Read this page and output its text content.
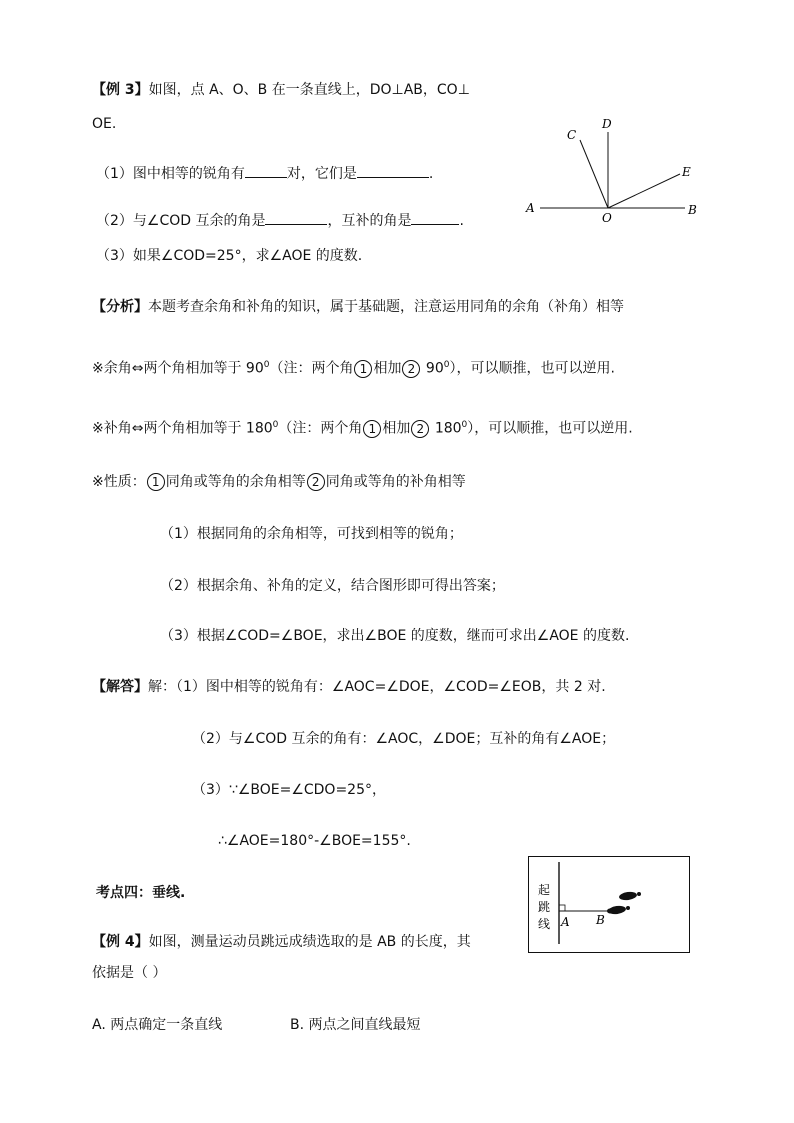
【例 3】如图，点 A、O、B 在一条直线上，DO⊥AB，CO⊥
OE.
（1）图中相等的锐角有	对，它们是	.
（2）与∠COD 互余的角是	，互补的角是	.
（3）如果∠COD=25°，求∠AOE 的度数.
C
D
E
A
O
B
【分析】本题考查余角和补角的知识，属于基础题，注意运用同角的余角（补角）相等
※余角⇔两个角相加等于 $90^0$（注：两个角 1 相加 2 $90^0$），可以顺推，也可以逆用.
※补角⇔两个角相加等于 $180^0$（注：两个角 1 相加 2 $180^0$），可以顺推，也可以逆用.
※性质： 1 同角或等角的余角相等 2 同角或等角的补角相等
（1）根据同角的余角相等，可找到相等的锐角；
（2）根据余角、补角的定义，结合图形即可得出答案；
（3）根据∠COD=∠BOE，求出∠BOE 的度数，继而可求出∠AOE 的度数.
【解答】解：（1）图中相等的锐角有：∠AOC=∠DOE，∠COD=∠EOB，共 2 对.
（2）与∠COD 互余的角有：∠AOC，∠DOE；互补的角有∠AOE；
（3）∵∠BOE=∠CDO=25°，
∴∠AOE=180°-∠BOE=155°.
考点四：垂线.
【例 4】如图，测量运动员跳远成绩选取的是 AB 的长度，其
依据是（ ）
A. 两点确定一条直线	B. 两点之间直线最短
起
跳
线 A B
